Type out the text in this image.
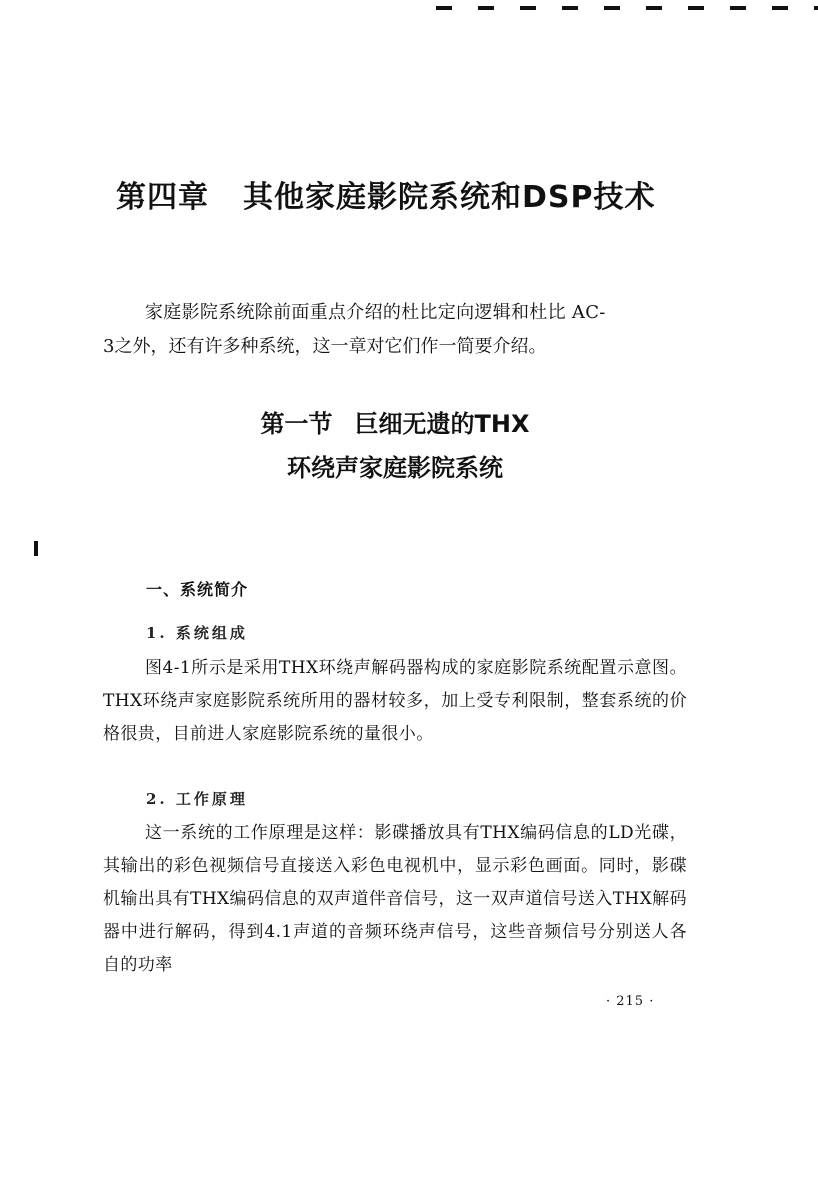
第四章 其他家庭影院系统和DSP技术

家庭影院系统除前面重点介绍的杜比定向逻辑和杜比 AC-
3之外，还有许多种系统，这一章对它们作一简要介绍。

第一节 巨细无遗的THX
环绕声家庭影院系统
一、系统简介
1. 系统组成

图4-1所示是采用THX环绕声解码器构成的家庭影院系统配置示意图。THX环绕声家庭影院系统所用的器材较多，加上受专利限制，整套系统的价格很贵，目前进人家庭影院系统的量很小。

2. 工作原理

这一系统的工作原理是这样：影碟播放具有THX编码信息的LD光碟，其输出的彩色视频信号直接送入彩色电视机中，显示彩色画面。同时，影碟机输出具有THX编码信息的双声道伴音信号，这一双声道信号送入THX解码器中进行解码，得到4.1声道的音频环绕声信号，这些音频信号分别送人各自的功率

· 215 ·
